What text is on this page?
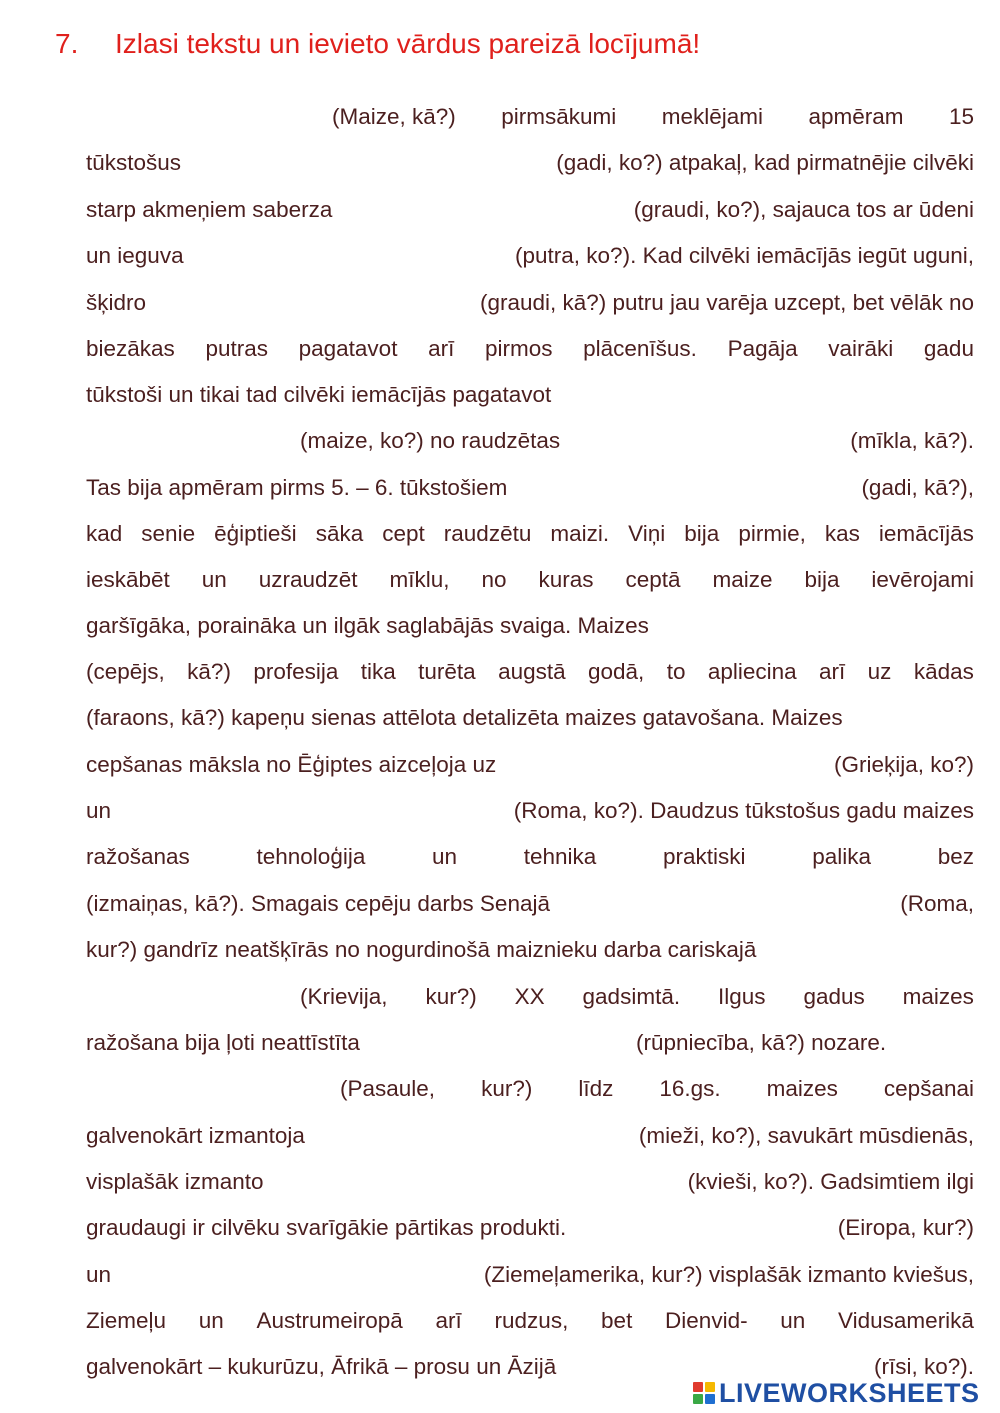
7. Izlasi tekstu un ievieto vārdus pareizā locījumā!
(Maize, kā?) pirmsākumi meklējami apmēram 15
tūkstošus	(gadi, ko?) atpakaļ, kad pirmatnējie cilvēki
starp akmeņiem saberza	(graudi, ko?), sajauca tos ar ūdeni
un ieguva	(putra, ko?). Kad cilvēki iemācījās iegūt uguni,
šķidro	(graudi, kā?) putru jau varēja uzcept, bet vēlāk no
biezākas putras pagatavot arī pirmos plācenīšus. Pagāja vairāki gadu
tūkstoši un tikai tad cilvēki iemācījās pagatavot
(maize, ko?) no raudzētas	(mīkla, kā?).
Tas bija apmēram pirms 5. – 6. tūkstošiem	(gadi, kā?),
kad senie ēģiptieši sāka cept raudzētu maizi. Viņi bija pirmie, kas iemācījās
ieskābēt un uzraudzēt mīklu, no kuras ceptā maize bija ievērojami
garšīgāka, porainā‍ka un ilgāk saglabājās svaiga. Maizes
(cepējs, kā?) profesija tika turēta augstā godā, to apliecina arī uz kādas
(faraons, kā?) kapeņu sienas attēlota detalizēta maizes gatavošana. Maizes
cepšanas māksla no Ēģiptes aizceļoja uz	(Grieķija, ko?)
un	(Roma, ko?). Daudzus tūkstošus gadu maizes
ražošanas	tehnoloģija	un	tehnika	praktiski	palika	bez
(izmaiņas, kā?). Smagais cepēju darbs Senajā	(Roma,
kur?) gandrīz neatšķīrās no nogurdinošā maiznieku darba cariskajā
(Krievija, kur?) XX gadsimtā. Ilgus gadus maizes
ražošana bija ļoti neattīstīta	(rūpniecība, kā?) nozare.
(Pasaule, kur?) līdz 16.gs. maizes cepšanai
galvenokārt izmantoja	(mieži, ko?), savukārt mūsdienās,
visplašāk izmanto	(kvieši, ko?). Gadsimtiem ilgi
graudaugi ir cilvēku svarīgākie pārtikas produkti.	(Eiropa, kur?)
un	(Ziemeļamerika, kur?) visplašāk izmanto kviešus,
Ziemeļu un Austrumeiropā arī rudzus, bet Dienvid- un Vidusamerikā
galvenokārt – kukurūzu, Āfrikā – prosu un Āzijā	(rīsi, ko?).
LIVEWORKSHEETS
